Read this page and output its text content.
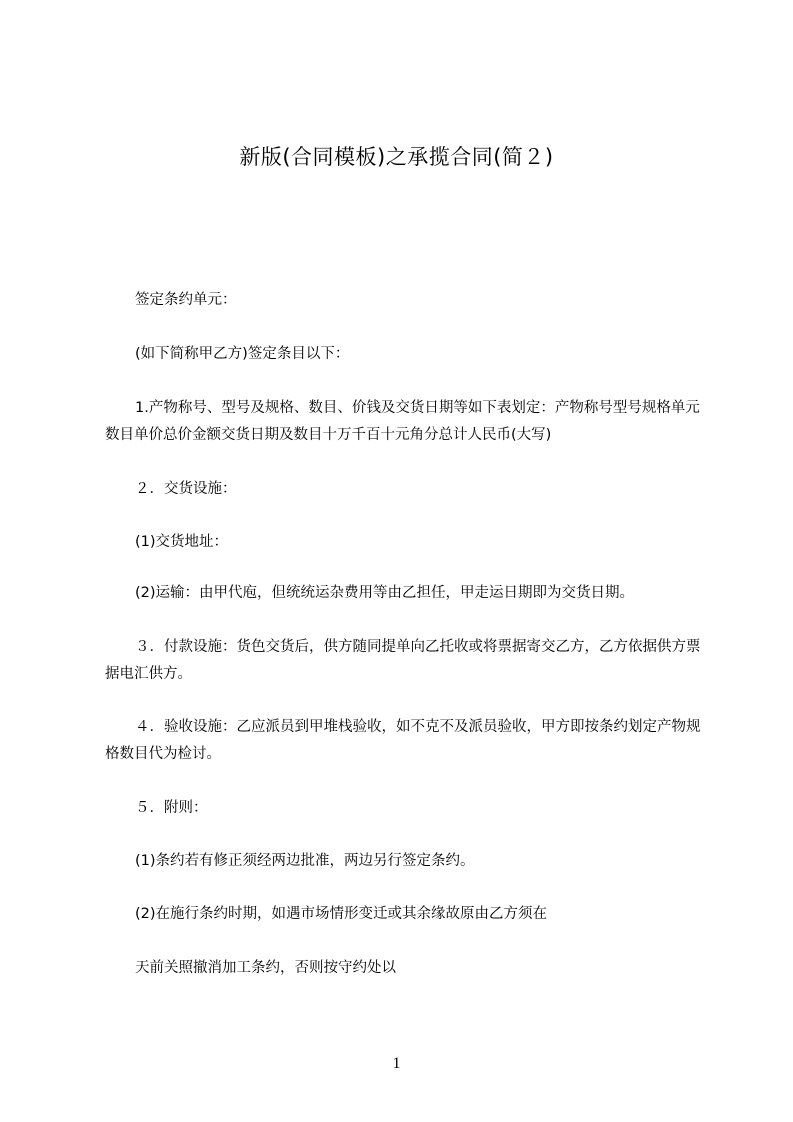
新版(合同模板)之承揽合同(简２)

签定条约单元：

(如下简称甲乙方)签定条目以下：

1.产物称号、型号及规格、数目、价钱及交货日期等如下表划定：产物称号型号规格单元数目单价总价金额交货日期及数目十万千百十元角分总计人民币(大写)

２．交货设施：

(1)交货地址：

(2)运输：由甲代庖，但统统运杂费用等由乙担任，甲走运日期即为交货日期。

３．付款设施：货色交货后，供方随同提单向乙托收或将票据寄交乙方，乙方依据供方票据电汇供方。

４．验收设施：乙应派员到甲堆栈验收，如不克不及派员验收，甲方即按条约划定产物规格数目代为检讨。

５．附则：

(1)条约若有修正须经两边批准，两边另行签定条约。

(2)在施行条约时期，如遇市场情形变迁或其余缘故原由乙方须在

天前关照撤消加工条约，否则按守约处以

1
